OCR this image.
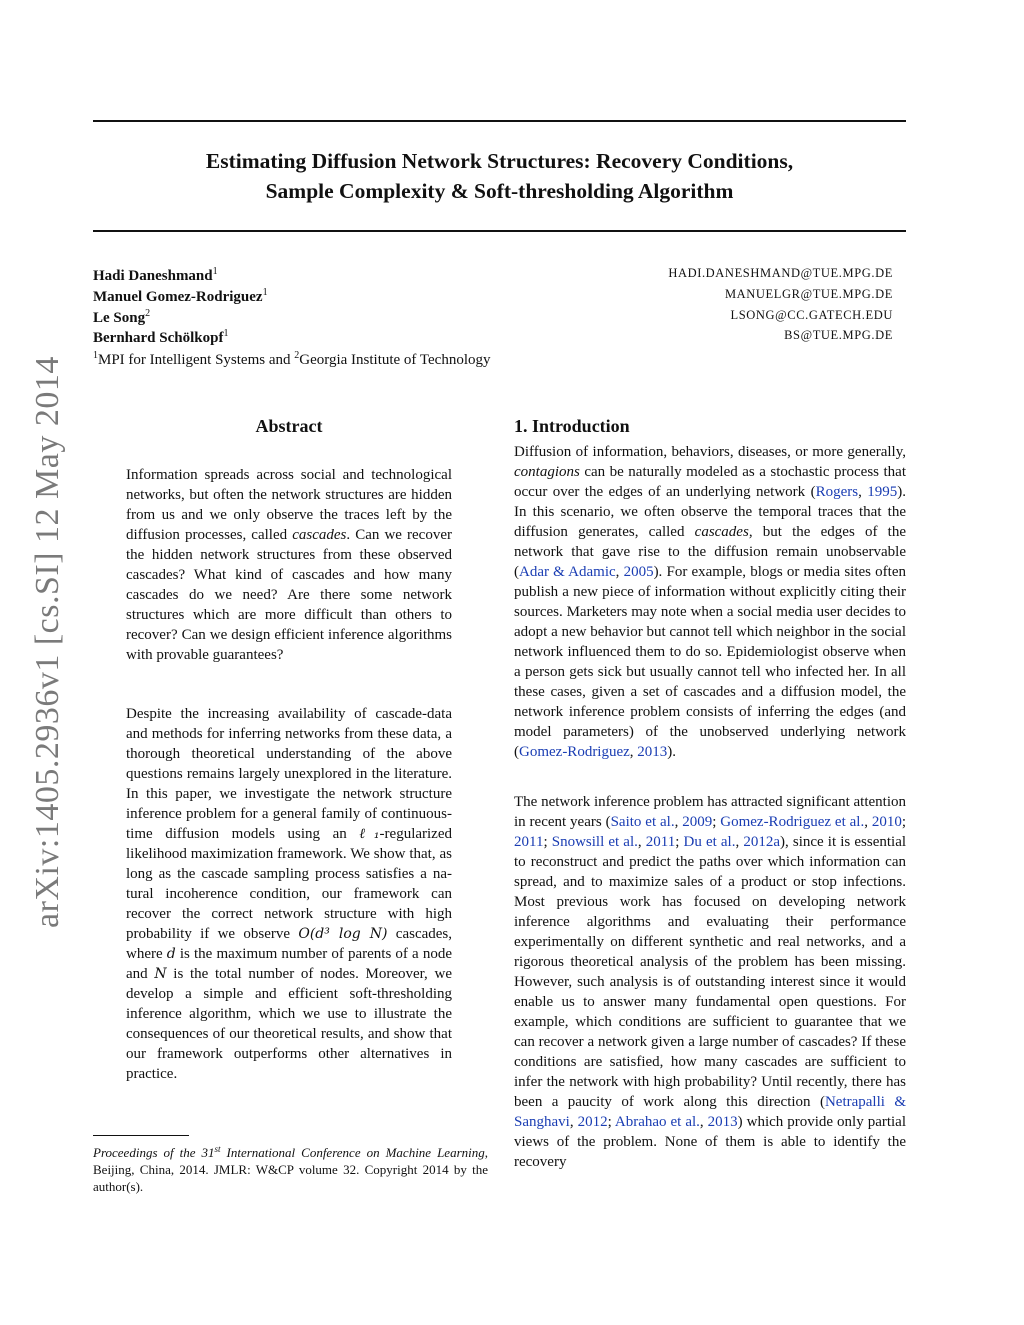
arXiv:1405.2936v1 [cs.SI] 12 May 2014
Estimating Diffusion Network Structures: Recovery Conditions,
Sample Complexity & Soft-thresholding Algorithm
Hadi Daneshmand$^1$	HADI.DANESHMAND@TUE.MPG.DE
Manuel Gomez-Rodriguez$^1$	MANUELGR@TUE.MPG.DE
Le Song$^2$	LSONG@CC.GATECH.EDU
Bernhard Schölkopf$^1$	BS@TUE.MPG.DE
$^1$MPI for Intelligent Systems and $^2$Georgia Institute of Technology
Abstract

Information spreads across social and technological networks, but often the network structures are hidden from us and we only observe the traces left by the diffusion processes, called cascades. Can we recover the hidden network structures from these observed cascades? What kind of cascades and how many cascades do we need? Are there some network structures which are more difficult than others to recover? Can we design efficient inference algorithms with provable guarantees?

Despite the increasing availability of cascade-data and methods for inferring networks from these data, a thorough theoretical understanding of the above questions remains largely unexplored in the literature. In this paper, we investigate the network structure inference problem for a general family of continuous-time diffusion models using an ℓ₁-regularized likelihood maximization framework. We show that, as long as the cascade sampling process satisfies a natural incoherence condition, our framework can recover the correct network structure with high probability if we observe O(d³ log N) cascades, where d is the maximum number of parents of a node and N is the total number of nodes. Moreover, we develop a simple and efficient soft-thresholding inference algorithm, which we use to illustrate the consequences of our theoretical results, and show that our framework outperforms other alternatives in practice.

1. Introduction

Diffusion of information, behaviors, diseases, or more generally, contagions can be naturally modeled as a stochastic process that occur over the edges of an underlying network (Rogers, 1995). In this scenario, we often observe the temporal traces that the diffusion generates, called cascades, but the edges of the network that gave rise to the diffusion remain unobservable (Adar & Adamic, 2005). For example, blogs or media sites often publish a new piece of information without explicitly citing their sources. Marketers may note when a social media user decides to adopt a new behavior but cannot tell which neighbor in the social network influenced them to do so. Epidemiologist observe when a person gets sick but usually cannot tell who infected her. In all these cases, given a set of cascades and a diffusion model, the network inference problem consists of inferring the edges (and model parameters) of the unobserved underlying network (Gomez-Rodriguez, 2013).

The network inference problem has attracted significant attention in recent years (Saito et al., 2009; Gomez-Rodriguez et al., 2010; 2011; Snowsill et al., 2011; Du et al., 2012a), since it is essential to reconstruct and predict the paths over which information can spread, and to maximize sales of a product or stop infections. Most previous work has focused on developing network inference algorithms and evaluating their performance experimentally on different synthetic and real networks, and a rigorous theoretical analysis of the problem has been missing. However, such analysis is of outstanding interest since it would enable us to answer many fundamental open questions. For example, which conditions are sufficient to guarantee that we can recover a network given a large number of cascades? If these conditions are satisfied, how many cascades are sufficient to infer the network with high probability? Until recently, there has been a paucity of work along this direction (Netrapalli & Sanghavi, 2012; Abrahao et al., 2013) which provide only partial views of the problem. None of them is able to identify the recovery

Proceedings of the 31st International Conference on Machine Learning, Beijing, China, 2014. JMLR: W&CP volume 32. Copyright 2014 by the author(s).
